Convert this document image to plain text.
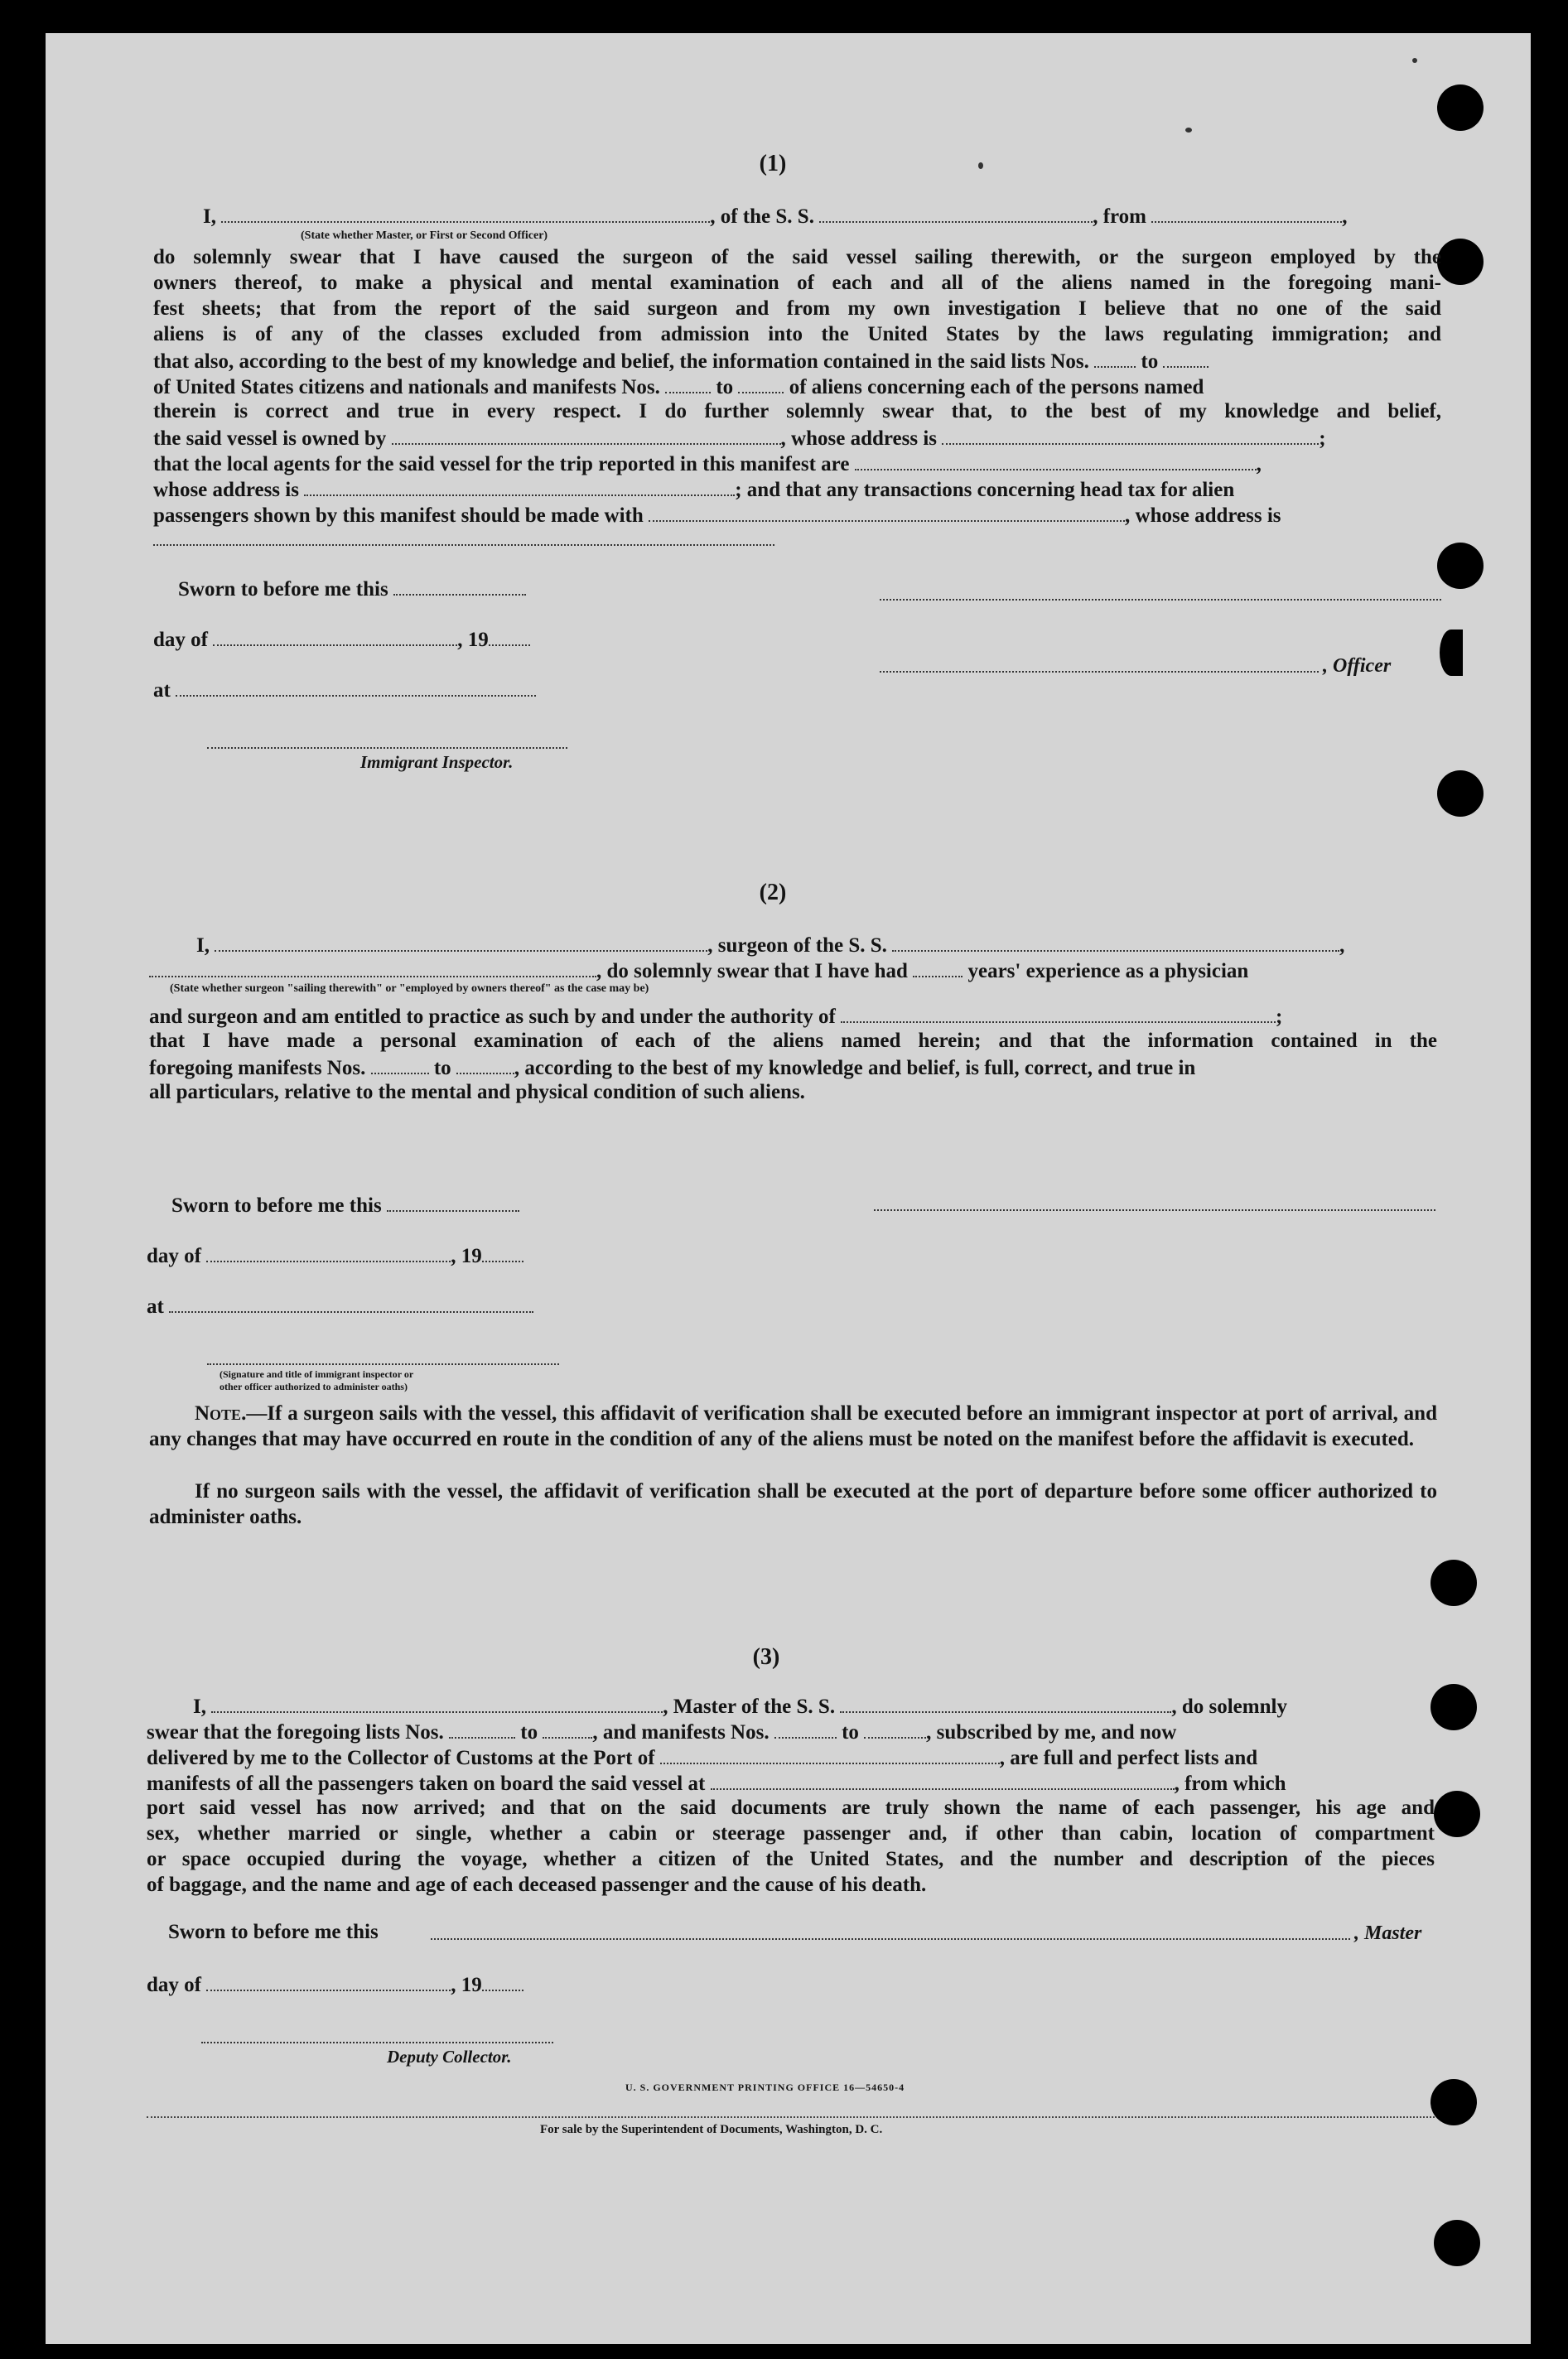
(1)
I,	, of the S. S.	, from	,
(State whether Master, or First or Second Officer)
do solemnly swear that I have caused the surgeon of the said vessel sailing therewith, or the surgeon employed by the
owners thereof, to make a physical and mental examination of each and all of the aliens named in the foregoing mani-
fest sheets; that from the report of the said surgeon and from my own investigation I believe that no one of the said
aliens is of any of the classes excluded from admission into the United States by the laws regulating immigration; and
that also, according to the best of my knowledge and belief, the information contained in the said lists Nos.	to
of United States citizens and nationals and manifests Nos.	to	of aliens concerning each of the persons named
therein is correct and true in every respect. I do further solemnly swear that, to the best of my knowledge and belief,
the said vessel is owned by	, whose address is	;
that the local agents for the said vessel for the trip reported in this manifest are	,
whose address is	; and that any transactions concerning head tax for alien
passengers shown by this manifest should be made with	, whose address is
Sworn to before me this
day of	, 19
, Officer
at
Immigrant Inspector.
(2)
I,	, surgeon of the S. S.	,
, do solemnly swear that I have had	years' experience as a physician
(State whether surgeon "sailing therewith" or "employed by owners thereof" as the case may be)
and surgeon and am entitled to practice as such by and under the authority of	;
that I have made a personal examination of each of the aliens named herein; and that the information contained in the
foregoing manifests Nos.	to	, according to the best of my knowledge and belief, is full, correct, and true in
all particulars, relative to the mental and physical condition of such aliens.
Sworn to before me this
day of	, 19
at
(Signature and title of immigrant inspector or
other officer authorized to administer oaths)
Note.—If a surgeon sails with the vessel, this affidavit of verification shall be executed before an immigrant inspector at port of arrival, and any changes that may have occurred en route in the condition of any of the aliens must be noted on the manifest before the affidavit is executed.
If no surgeon sails with the vessel, the affidavit of verification shall be executed at the port of departure before some officer authorized to administer oaths.
(3)
I,	, Master of the S. S.	, do solemnly
swear that the foregoing lists Nos.	to	, and manifests Nos.	to	, subscribed by me, and now
delivered by me to the Collector of Customs at the Port of	, are full and perfect lists and
manifests of all the passengers taken on board the said vessel at	, from which
port said vessel has now arrived; and that on the said documents are truly shown the name of each passenger, his age and
sex, whether married or single, whether a cabin or steerage passenger and, if other than cabin, location of compartment
or space occupied during the voyage, whether a citizen of the United States, and the number and description of the pieces
of baggage, and the name and age of each deceased passenger and the cause of his death.
Sworn to before me this	, Master
day of	, 19
Deputy Collector.
U. S. GOVERNMENT PRINTING OFFICE 16—54650-4
For sale by the Superintendent of Documents, Washington, D. C.
